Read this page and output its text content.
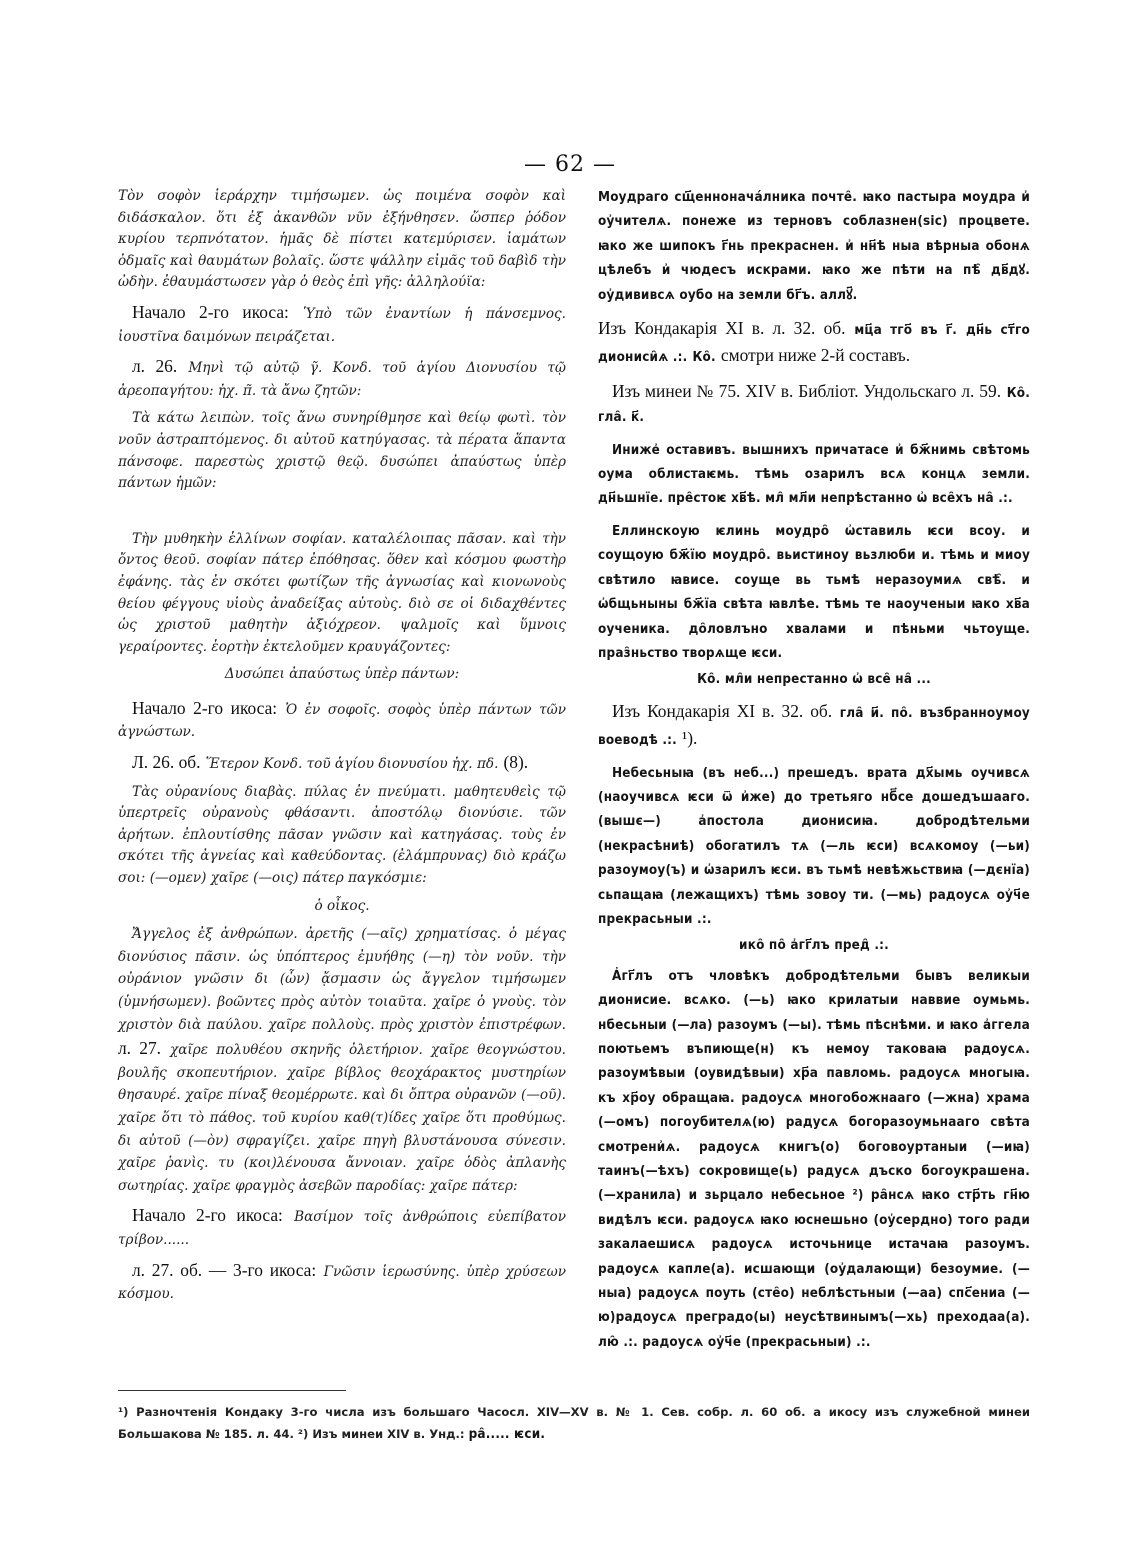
— 62 —

Τὸν σοφὸν ἱεράρχην τιμήσωμεν. ὡς ποιμένα σοφὸν καὶ διδάσκαλον. ὅτι ἐξ ἀκανθῶν νῦν ἐξήνθησεν. ὥσπερ ῥόδον κυρίου τερπνότατον. ἡμᾶς δὲ πίστει κατεμύρισεν. ἰαμάτων ὀδμαῖς καὶ θαυμάτων βολαῖς. ὥστε ψάλλην εἰμᾶς τοῦ δαβὶδ τὴν ὠδὴν. ἐθαυμάστωσεν γὰρ ὁ θεὸς ἐπὶ γῆς: ἀλληλούϊα:

Начало 2-го икоса: Ὑπὸ τῶν ἐναντίων ἡ πάνσεμνος. ἰουστῖνα δαιμόνων πειράζεται.

л. 26. Μηνὶ τῷ αὐτῷ γ̃. Κονδ. τοῦ ἁγίου Διονυσίου τῷ ἀρεοπαγήτου: ἠχ. π̃. τὰ ἄνω ζητῶν:

Τὰ κάτω λειπὼν. τοῖς ἄνω συνηρίθμησε καὶ θείῳ φωτὶ. τὸν νοῦν ἀστραπτόμενος. δι αὐτοῦ κατηύγασας. τὰ πέρατα ἅπαντα πάνσοφε. παρεστὼς χριστῷ θεῷ. δυσώπει ἀπαύστως ὑπὲρ πάντων ἡμῶν:

Τὴν μυθηκὴν ἑλλίνων σοφίαν. καταλέλοιπας πᾶσαν. καὶ τὴν ὄντος θεοῦ. σοφίαν πάτερ ἐπόθησας. ὅθεν καὶ κόσμου φωστὴρ ἐφάνης. τὰς ἐν σκότει φωτίζων τῆς ἀγνωσίας καὶ κιονωνοὺς θείου φέγγους υἱοὺς ἀναδείξας αὐτοὺς. διὸ σε οἱ διδαχθέντες ὡς χριστοῦ μαθητὴν ἀξιόχρεον. ψαλμοῖς καὶ ὕμνοις γεραίροντες. ἑορτὴν ἐκτελοῦμεν κραυγάζοντες:

Δυσώπει ἀπαύστως ὑπὲρ πάντων:

Начало 2-го икоса: Ὁ ἐν σοφοῖς. σοφὸς ὑπὲρ πάντων τῶν ἀγνώστων.

Л. 26. об. Ἕτερον Κονδ. τοῦ ἁγίου διονυσίου ἠχ. πδ. (8).

Τὰς οὐρανίους διαβὰς. πύλας ἐν πνεύματι. μαθητευθεὶς τῷ ὑπερτρεῖς οὐρανοὺς φθάσαντι. ἀποστόλῳ διονύσιε. τῶν ἀρήτων. ἐπλουτίσθης πᾶσαν γνῶσιν καὶ κατηγάσας. τοὺς ἐν σκότει τῆς ἀγνείας καὶ καθεύδοντας. (ἐλάμπρυνας) διὸ κράζω σοι: (—ομεν) χαῖρε (—οις) πάτερ παγκόσμιε:

ὁ οἶκος.

Ἄγγελος ἐξ ἀνθρώπων. ἀρετῆς (—αῖς) χρηματίσας. ὁ μέγας διονύσιος πᾶσιν. ὡς ὑπόπτερος ἐμυήθης (—η) τὸν νοῦν. τὴν οὐράνιον γνῶσιν δι (ὧν) ᾄσμασιν ὡς ἄγγελον τιμήσωμεν (ὑμνήσωμεν). βοῶντες πρὸς αὐτὸν τοιαῦτα. χαῖρε ὁ γνοὺς. τὸν χριστὸν διὰ παύλου. χαῖρε πολλοὺς. πρὸς χριστὸν ἐπιστρέφων. л. 27. χαῖρε πολυθέου σκηνῆς ὀλετήριον. χαῖρε θεογνώστου. βουλῆς σκοπευτήριον. χαῖρε βίβλος θεοχάρακτος μυστηρίων θησαυρέ. χαῖρε πίναξ θεομέρρωτε. καὶ δι ὄπτρα οὐρανῶν (—οῦ). χαῖρε ὅτι τὸ πάθος. τοῦ κυρίου καθ(τ)ίδες χαῖρε ὅτι προθύμως. δι αὐτοῦ (—ὸν) σφραγίζει. χαῖρε πηγὴ βλυστάνουσα σύνεσιν. χαῖρε ῥανὶς. τυ (κοι)λένουσα ἄννοιαν. χαῖρε ὁδὸς ἀπλανὴς σωτηρίας. χαῖρε φραγμὸς ἀσεβῶν παροδίας: χαῖρε πάτερ:

Начало 2-го икоса: Βασίμον τοῖς ἀνθρώποις εὐεπίβατον τρίβον......

л. 27. об. — 3-го икоса: Γνῶσιν ἱερωσύνης. ὑπὲρ χρύσεων κόσμου.

Моудраго сщ҃еннонача́лника почте̑. ꙗко пастыра моудра и҆ оу҆чителѧ. понеже из терновъ соблазнен(sic) процвете. ꙗко же шипокъ г҃нь прекраснен. и҆ нн҃ѣ ныа вѣрныа обонѧ цѣлебъ и҆ чюдесъ искрами. ꙗко же пѣти на пѣ̑ дв҃дꙋ. оу҆дививсѧ оубо на земли бг҃ъ. аллꙋ҃.

Изъ Кондакарія XI в. л. 32. об. мц҃а тго҃ въ г҃. дн҃ь ст҃го диониси̑ѧ .:. Ко̑. смотри ниже 2-й составъ.

Изъ минеи № 75. XIV в. Библіот. Ундольскаго л. 59. Ко̑. гла̑. к҃.

Иниже҆ оставивъ. вышнихъ причатасе и҆ бж҃нимь свѣтомь оума облистаѥмь. тѣмь озарилъ всѧ концѧ земли. дн҃ьшнїе. пре̑стоѥ хв҃ѣ. мл̑ мл҃и непрѣстанно ѡ҆ все̑хъ на̑ .:.

Еллинскоую ѥлинь моудро̑ ѡ҆ставиль ѥси всоу. и соущоую бж҃їю моудро̑. вьистиноу вьзлюби и. тѣмь и миоу свѣтило ꙗвисе. соуще вь тьмѣ неразоумиѧ свѣ̑. и ѡ҆бщьныны бж҃їа свѣта ꙗвлѣе. тѣмь те наоученыи ꙗко хв҃а оученика. до̑ловлъно хвалами и пѣньми чьтоуще. праз̑ньство творѧще ѥси.

Ко̑. мл̑и непрестанно ѡ҆ все̑ на̑ ...

Изъ Кондакарія XI в. 32. об. гла̑ и҃. по̑. възбранноумоу воеводѣ .:. ¹).

Небесьныꙗ (въ неб...) прешедъ. врата дх҃ымь оучивсѧ (наоучивсѧ ѥси ѿ и҆же) до третьяго нб҃се дошедъшааго. (вышє—) а҆постола дионисиꙗ. добродѣтельми (некрасѣниѣ) обогатилъ тѧ (—ль ѥси) всѧкомоу (—ьи) разоумоу(ъ) и ѡ҆зарилъ ѥси. въ тьмѣ невѣжьствиꙗ (—дєнїа) сьпащаꙗ (лежащихъ) тѣмь зовоу ти. (—мь) радоусѧ оу҆ч҃е прекрасьныи .:.

ико̑ по̑ а҆гг҃лъ пред̑ .:.

А҆гг҃лъ отъ чловѣкъ добродѣтельми бывъ великыи дионисие. всѧко. (—ь) ꙗко крилатыи наввие оумьмь. нбесьныи (—ла) разоумъ (—ы). тѣмь пѣснѣми. и ꙗко а҆ггела поютьемъ въпиюще(н) къ немоу таковаꙗ радоусѧ. разоумѣвыи (оувидѣвыи) хр҃а павломь. радоусѧ многыꙗ. къ хр҃оу обращаꙗ. радоусѧ многобожнааго (—жна) храма (—омъ) погоубителѧ(ю) радусѧ богоразоумьнааго свѣта смотрени҆ѧ. радоусѧ книгъ(о) боговоуртаныи (—иꙗ) таинъ(—ѣхъ) сокровище(ь) радусѧ дъско богоукрашена. (—хранила) и зьрцало небесьное ²) ра̑нсѧ ꙗко стр҃ть гн҃ю видѣлъ ѥси. радоусѧ ꙗко юснешьно (оу҆сердно) того ради закалаешисѧ радоусѧ источьнице истачаꙗ разоумъ. радоусѧ капле(а). исшающи (оу҆далающи) безоумие. (—ныа) радоусѧ поуть (сте̑о) неблѣстьныи (—аа) спс҃ениа (—ю)радоусѧ преградо(ы) неусѣтвинымъ(—хь) преходаа(а). лю̑ .:. радоусѧ оу҆ч҃е (прекрасьныи) .:.

¹) Разночтенія Кондаку 3-го числа изъ большаго Часосл. XIV—XV в. № 1. Сев. собр. л. 60 об. а икосу изъ служебной минеи Большакова № 185. л. 44. ²) Изъ минеи XIV в. Унд.: ра̑..... ѥси.
